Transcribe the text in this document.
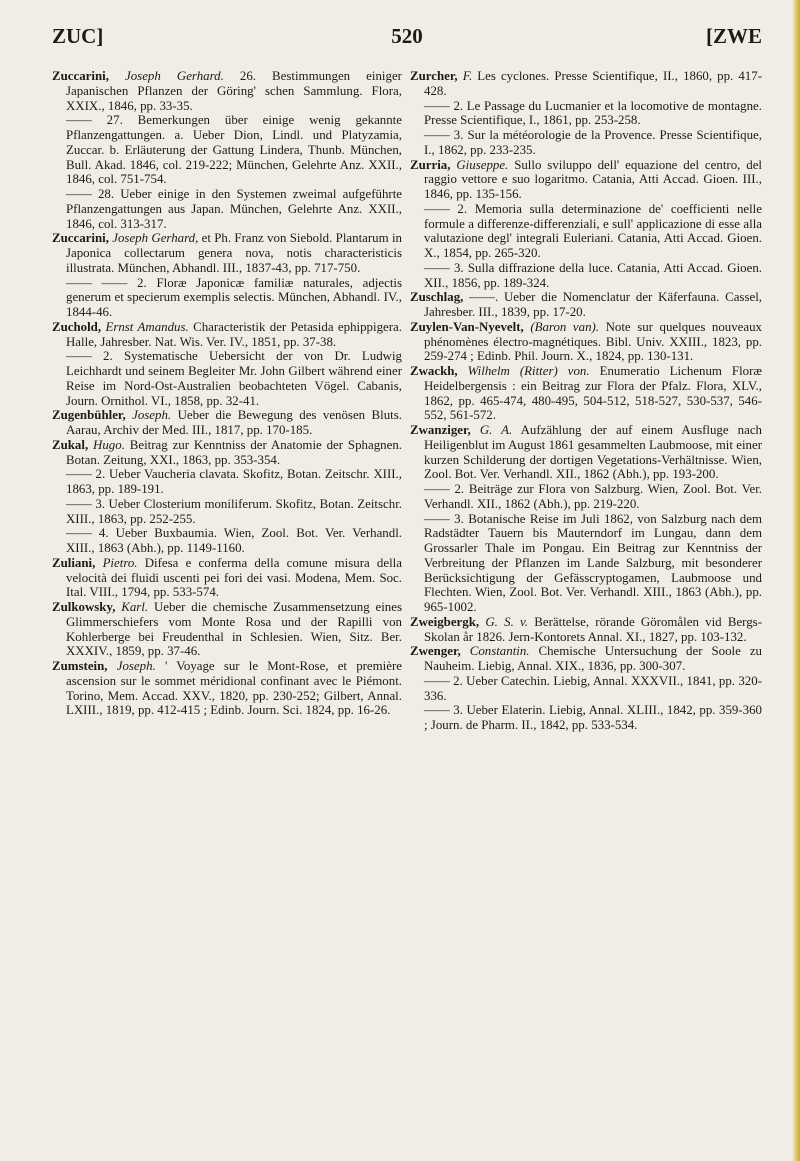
ZUC]	520	[ZWE

Zuccarini, Joseph Gerhard. 26. Bestimmungen einiger Japanischen Pflanzen der Göring' schen Sammlung. Flora, XXIX., 1846, pp. 33-35.

—— 27. Bemerkungen über einige wenig gekannte Pflanzengattungen. a. Ueber Dion, Lindl. und Platyzamia, Zuccar. b. Erläuterung der Gattung Lindera, Thunb. München, Bull. Akad. 1846, col. 219-222; München, Gelehrte Anz. XXII., 1846, col. 751-754.

—— 28. Ueber einige in den Systemen zweimal aufgeführte Pflanzengattungen aus Japan. München, Gelehrte Anz. XXII., 1846, col. 313-317.

Zuccarini, Joseph Gerhard, et Ph. Franz von Siebold. Plantarum in Japonica collectarum genera nova, notis characteristicis illustrata. München, Abhandl. III., 1837-43, pp. 717-750.

—— —— 2. Floræ Japonicæ familiæ naturales, adjectis generum et specierum exemplis selectis. München, Abhandl. IV., 1844-46.

Zuchold, Ernst Amandus. Characteristik der Petasida ephippigera. Halle, Jahresber. Nat. Wis. Ver. IV., 1851, pp. 37-38.

—— 2. Systematische Uebersicht der von Dr. Ludwig Leichhardt und seinem Begleiter Mr. John Gilbert während einer Reise im Nord-Ost-Australien beobachteten Vögel. Cabanis, Journ. Ornithol. VI., 1858, pp. 32-41.

Zugenbühler, Joseph. Ueber die Bewegung des venösen Bluts. Aarau, Archiv der Med. III., 1817, pp. 170-185.

Zukal, Hugo. Beitrag zur Kenntniss der Anatomie der Sphagnen. Botan. Zeitung, XXI., 1863, pp. 353-354.

—— 2. Ueber Vaucheria clavata. Skofitz, Botan. Zeitschr. XIII., 1863, pp. 189-191.

—— 3. Ueber Closterium moniliferum. Skofitz, Botan. Zeitschr. XIII., 1863, pp. 252-255.

—— 4. Ueber Buxbaumia. Wien, Zool. Bot. Ver. Verhandl. XIII., 1863 (Abh.), pp. 1149-1160.

Zuliani, Pietro. Difesa e conferma della comune misura della velocità dei fluidi uscenti pei fori dei vasi. Modena, Mem. Soc. Ital. VIII., 1794, pp. 533-574.

Zulkowsky, Karl. Ueber die chemische Zusammensetzung eines Glimmerschiefers vom Monte Rosa und der Rapilli von Kohlerberge bei Freudenthal in Schlesien. Wien, Sitz. Ber. XXXIV., 1859, pp. 37-46.

Zumstein, Joseph. ' Voyage sur le Mont-Rose, et première ascension sur le sommet méridional confinant avec le Piémont. Torino, Mem. Accad. XXV., 1820, pp. 230-252; Gilbert, Annal. LXIII., 1819, pp. 412-415 ; Edinb. Journ. Sci. 1824, pp. 16-26.

Zurcher, F. Les cyclones. Presse Scientifique, II., 1860, pp. 417-428.

—— 2. Le Passage du Lucmanier et la locomotive de montagne. Presse Scientifique, I., 1861, pp. 253-258.

—— 3. Sur la météorologie de la Provence. Presse Scientifique, I., 1862, pp. 233-235.

Zurria, Giuseppe. Sullo sviluppo dell' equazione del centro, del raggio vettore e suo logaritmo. Catania, Atti Accad. Gioen. III., 1846, pp. 135-156.

—— 2. Memoria sulla determinazione de' coefficienti nelle formule a differenze-differenziali, e sull' applicazione di esse alla valutazione degl' integrali Euleriani. Catania, Atti Accad. Gioen. X., 1854, pp. 265-320.

—— 3. Sulla diffrazione della luce. Catania, Atti Accad. Gioen. XII., 1856, pp. 189-324.

Zuschlag, ——. Ueber die Nomenclatur der Käferfauna. Cassel, Jahresber. III., 1839, pp. 17-20.

Zuylen-Van-Nyevelt, (Baron van). Note sur quelques nouveaux phénomènes électro-magnétiques. Bibl. Univ. XXIII., 1823, pp. 259-274 ; Edinb. Phil. Journ. X., 1824, pp. 130-131.

Zwackh, Wilhelm (Ritter) von. Enumeratio Lichenum Floræ Heidelbergensis : ein Beitrag zur Flora der Pfalz. Flora, XLV., 1862, pp. 465-474, 480-495, 504-512, 518-527, 530-537, 546-552, 561-572.

Zwanziger, G. A. Aufzählung der auf einem Ausfluge nach Heiligenblut im August 1861 gesammelten Laubmoose, mit einer kurzen Schilderung der dortigen Vegetations-Verhältnisse. Wien, Zool. Bot. Ver. Verhandl. XII., 1862 (Abh.), pp. 193-200.

—— 2. Beiträge zur Flora von Salzburg. Wien, Zool. Bot. Ver. Verhandl. XII., 1862 (Abh.), pp. 219-220.

—— 3. Botanische Reise im Juli 1862, von Salzburg nach dem Radstädter Tauern bis Mauterndorf im Lungau, dann dem Grossarler Thale im Pongau. Ein Beitrag zur Kenntniss der Verbreitung der Pflanzen im Lande Salzburg, mit besonderer Berücksichtigung der Gefässcryptogamen, Laubmoose und Flechten. Wien, Zool. Bot. Ver. Verhandl. XIII., 1863 (Abh.), pp. 965-1002.

Zweigbergk, G. S. v. Berättelse, rörande Göromålen vid Bergs-Skolan år 1826. Jern-Kontorets Annal. XI., 1827, pp. 103-132.

Zwenger, Constantin. Chemische Untersuchung der Soole zu Nauheim. Liebig, Annal. XIX., 1836, pp. 300-307.

—— 2. Ueber Catechin. Liebig, Annal. XXXVII., 1841, pp. 320-336.

—— 3. Ueber Elaterin. Liebig, Annal. XLIII., 1842, pp. 359-360 ; Journ. de Pharm. II., 1842, pp. 533-534.
